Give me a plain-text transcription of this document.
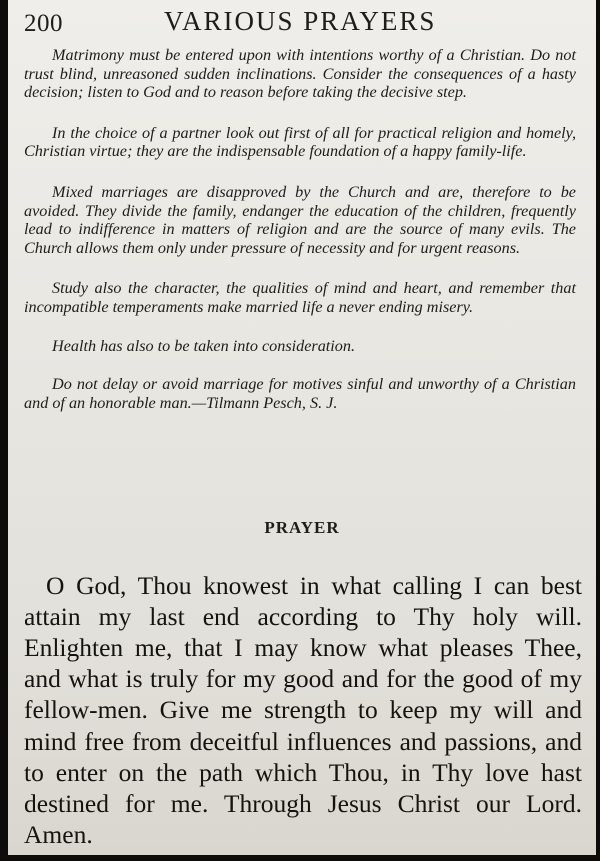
200	VARIOUS PRAYERS

Matrimony must be entered upon with intentions worthy of a Christian. Do not trust blind, unreasoned sudden inclinations. Consider the consequences of a hasty decision; listen to God and to reason before taking the decisive step.

In the choice of a partner look out first of all for practical religion and homely, Christian virtue; they are the indispensable foundation of a happy family-life.

Mixed marriages are disapproved by the Church and are, therefore to be avoided. They divide the family, endanger the education of the children, frequently lead to indifference in matters of religion and are the source of many evils. The Church allows them only under pressure of necessity and for urgent reasons.

Study also the character, the qualities of mind and heart, and remember that incompatible temperaments make married life a never ending misery.

Health has also to be taken into consideration.

Do not delay or avoid marriage for motives sinful and unworthy of a Christian and of an honorable man.—Tilmann Pesch, S. J.

PRAYER

O God, Thou knowest in what calling I can best attain my last end according to Thy holy will. Enlighten me, that I may know what pleases Thee, and what is truly for my good and for the good of my fellow-men. Give me strength to keep my will and mind free from deceitful influences and passions, and to enter on the path which Thou, in Thy love hast destined for me. Through Jesus Christ our Lord. Amen.
